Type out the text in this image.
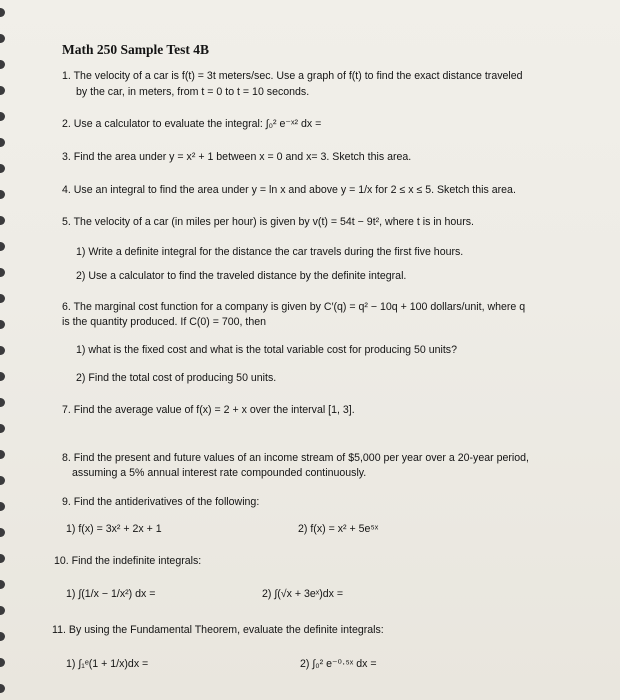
Math 250 Sample Test 4B
1. The velocity of a car is f(t) = 3t meters/sec. Use a graph of f(t) to find the exact distance traveled
by the car, in meters, from t = 0 to t = 10 seconds.
2. Use a calculator to evaluate the integral: ∫₀² e⁻ˣ² dx =
3. Find the area under y = x² + 1 between x = 0 and x= 3. Sketch this area.
4. Use an integral to find the area under y = ln x and above y = 1/x for 2 ≤ x ≤ 5. Sketch this area.
5. The velocity of a car (in miles per hour) is given by v(t) = 54t − 9t², where t is in hours.
1) Write a definite integral for the distance the car travels during the first five hours.
2) Use a calculator to find the traveled distance by the definite integral.
6. The marginal cost function for a company is given by C′(q) = q² − 10q + 100 dollars/unit, where q
is the quantity produced. If C(0) = 700, then
1) what is the fixed cost and what is the total variable cost for producing 50 units?
2) Find the total cost of producing 50 units.
7. Find the average value of f(x) = 2 + x over the interval [1, 3].
8. Find the present and future values of an income stream of $5,000 per year over a 20-year period,
assuming a 5% annual interest rate compounded continuously.
9. Find the antiderivatives of the following:
1) f(x) = 3x² + 2x + 1	2) f(x) = x² + 5e⁵ˣ
10. Find the indefinite integrals:
1) ∫(1/x − 1/x²) dx =	2) ∫(√x + 3eˣ)dx =
11. By using the Fundamental Theorem, evaluate the definite integrals:
1) ∫₁ᵉ(1 + 1/x)dx =	2) ∫₀² e⁻⁰·⁵ˣ dx =
